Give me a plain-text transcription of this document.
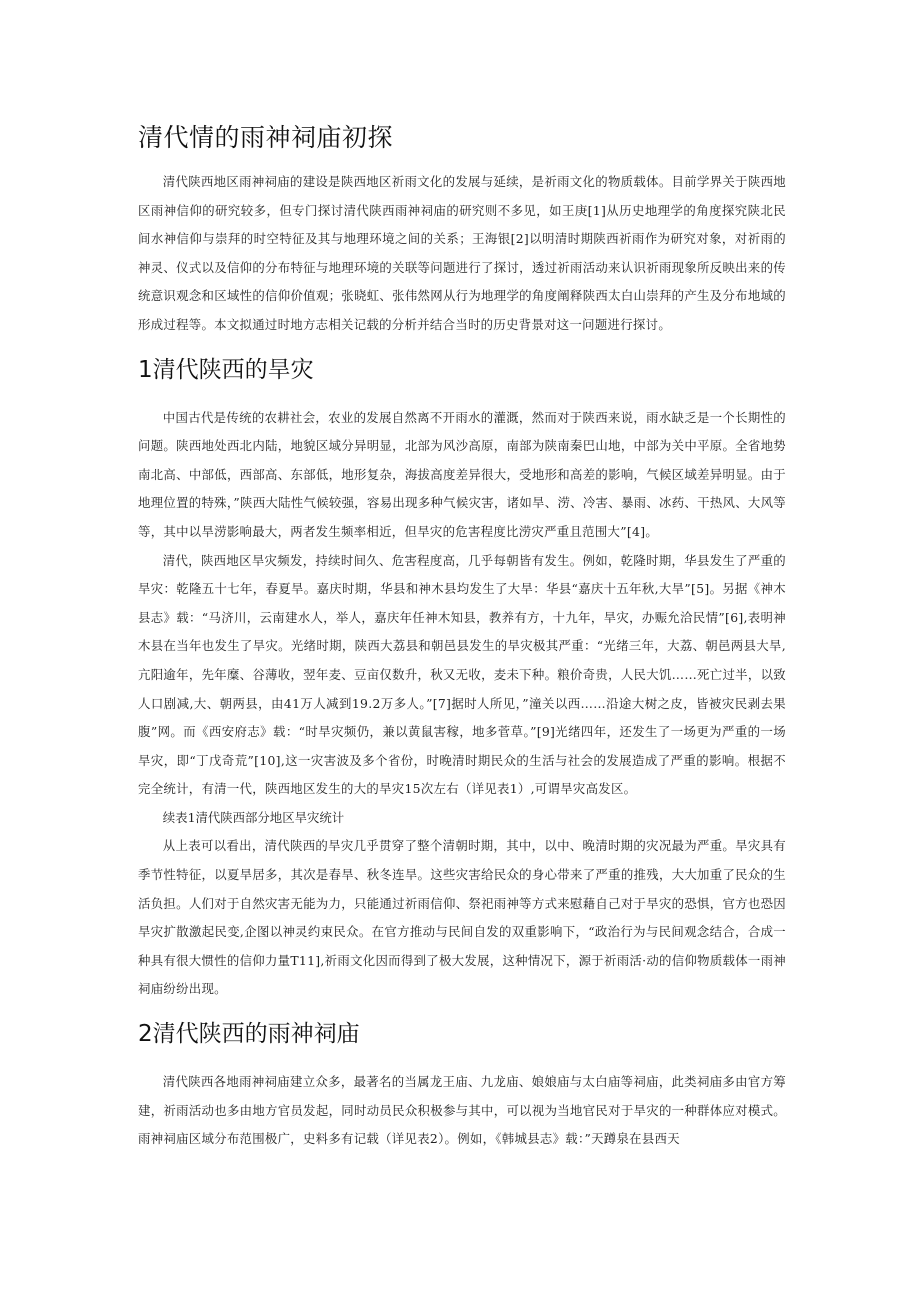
清代情的雨神祠庙初探

清代陕西地区雨神祠庙的建设是陕西地区祈雨文化的发展与延续，是祈雨文化的物质载体。目前学界关于陕西地区雨神信仰的研究较多，但专门探讨清代陕西雨神祠庙的研究则不多见，如王庚[1]从历史地理学的角度探究陕北民间水神信仰与崇拜的时空特征及其与地理环境之间的关系；王海银[2]以明清时期陕西祈雨作为研究对象，对祈雨的神灵、仪式以及信仰的分布特征与地理环境的关联等问题进行了探讨，透过祈雨活动来认识祈雨现象所反映出来的传统意识观念和区域性的信仰价值观；张晓虹、张伟然网从行为地理学的角度阐释陕西太白山崇拜的产生及分布地域的形成过程等。本文拟通过时地方志相关记载的分析并结合当时的历史背景对这一问题进行探讨。

1清代陕西的旱灾

中国古代是传统的农耕社会，农业的发展自然离不开雨水的灌溉，然而对于陕西来说，雨水缺乏是一个长期性的问题。陕西地处西北内陆，地貌区域分异明显，北部为风沙高原，南部为陕南秦巴山地，中部为关中平原。全省地势南北高、中部低，西部高、东部低，地形复杂，海拔高度差异很大，受地形和高差的影响，气候区域差异明显。由于地理位置的特殊，”陕西大陆性气候较强，容易出现多种气候灾害，诸如旱、涝、冷害、暴雨、冰药、干热风、大风等等，其中以旱涝影响最大，两者发生频率相近，但旱灾的危害程度比涝灾严重且范围大”[4]。

清代，陕西地区旱灾频发，持续时间久、危害程度高，几乎每朝皆有发生。例如，乾隆时期，华县发生了严重的旱灾：乾隆五十七年，春夏旱。嘉庆时期，华县和神木县均发生了大旱：华县“嘉庆十五年秋,大旱”[5]。另据《神木县志》载：“马济川，云南建水人，举人，嘉庆年任神木知县，教养有方，十九年，旱灾，办赈允洽民情”[6],表明神木县在当年也发生了旱灾。光绪时期，陕西大荔县和朝邑县发生的旱灾极其严重：“光绪三年，大荔、朝邑两县大旱,亢阳逾年，先年糜、谷薄收，翌年麦、豆亩仅数升，秋又无收，麦未下种。粮价奇贵，人民大饥……死亡过半，以致人口剧减,大、朝两县，由41万人减到19.2万多人。”[7]据时人所见，”潼关以西……沿途大树之皮，皆被灾民剥去果腹”网。而《西安府志》载：“时旱灾频仍，兼以黄鼠害稼，地多菅草。”[9]光绪四年，还发生了一场更为严重的一场旱灾，即“丁戊奇荒”[10],这一灾害波及多个省份，时晚清时期民众的生活与社会的发展造成了严重的影响。根据不完全统计，有清一代，陕西地区发生的大的旱灾15次左右（详见表1）,可谓旱灾高发区。

续表1清代陕西部分地区旱灾统计

从上表可以看出，清代陕西的旱灾几乎贯穿了整个清朝时期，其中，以中、晚清时期的灾况最为严重。旱灾具有季节性特征，以夏旱居多，其次是春旱、秋冬连旱。这些灾害给民众的身心带来了严重的推残，大大加重了民众的生活负担。人们对于自然灾害无能为力，只能通过祈雨信仰、祭祀雨神等方式来慰藉自己对于旱灾的恐惧，官方也恐因旱灾扩散激起民变,企图以神灵约束民众。在官方推动与民间自发的双重影响下，“政治行为与民间观念结合，合成一种具有很大惯性的信仰力量T11],祈雨文化因而得到了极大发展，这种情况下，源于祈雨活·动的信仰物质载体一雨神祠庙纷纷出现。

2清代陕西的雨神祠庙

清代陕西各地雨神祠庙建立众多，最著名的当属龙王庙、九龙庙、娘娘庙与太白庙等祠庙，此类祠庙多由官方筹建，祈雨活动也多由地方官员发起，同时动员民众积极参与其中，可以视为当地官民对于旱灾的一种群体应对模式。雨神祠庙区域分布范围极广，史料多有记载（详见表2）。例如，《韩城县志》载：”天蹲泉在县西天
